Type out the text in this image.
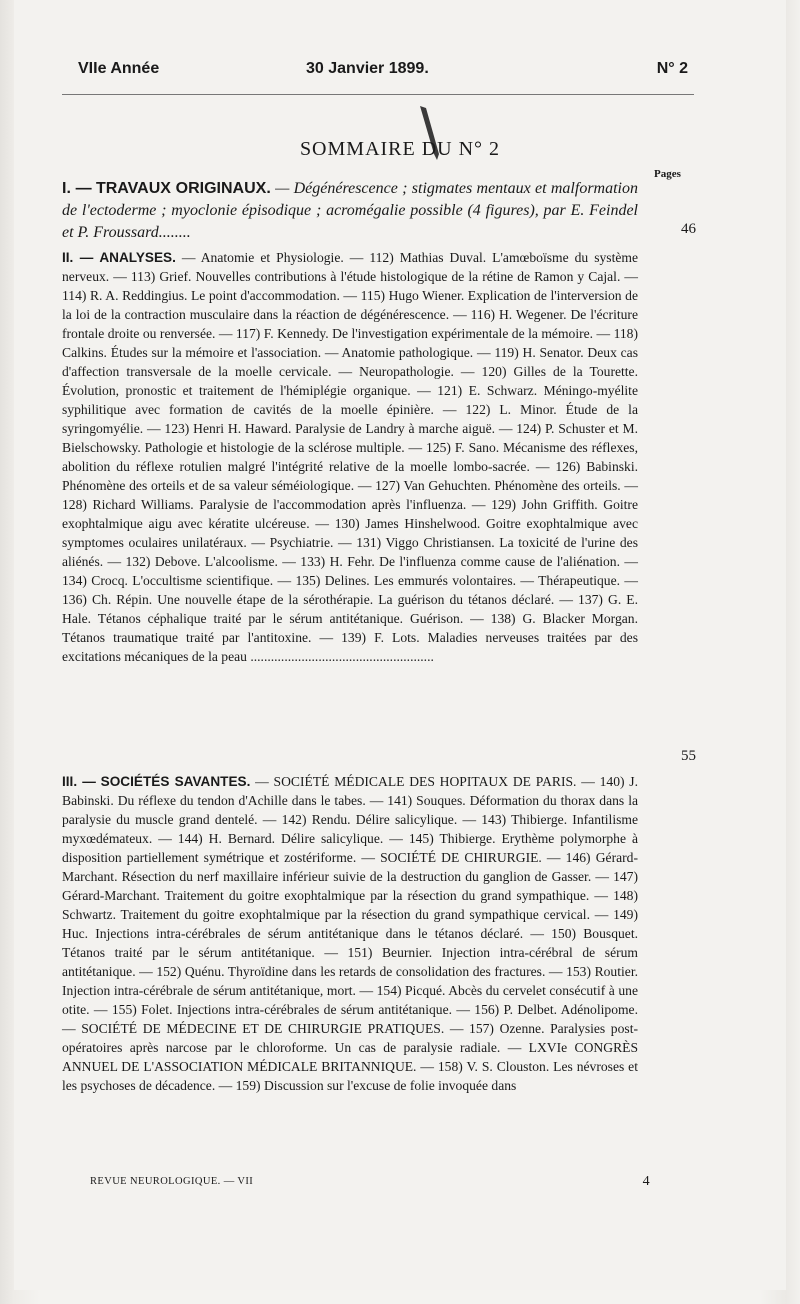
VIIe Année	30 Janvier 1899.	N° 2
SOMMAIRE DU N° 2
Pages
I. — TRAVAUX ORIGINAUX. — Dégénérescence ; stigmates mentaux et malformation de l'ectoderme ; myoclonie épisodique ; acromégalie possible (4 figures), par E. Feindel et P. Froussard........	46
II. — ANALYSES. — Anatomie et Physiologie. — 112) Mathias Duval. L'amœboïsme du système nerveux. — 113) Grief. Nouvelles contributions à l'étude histologique de la rétine de Ramon y Cajal. — 114) R. A. Reddingius. Le point d'accommodation. — 115) Hugo Wiener. Explication de l'interversion de la loi de la contraction musculaire dans la réaction de dégénérescence. — 116) H. Wegener. De l'écriture frontale droite ou renversée. — 117) F. Kennedy. De l'investigation expérimentale de la mémoire. — 118) Calkins. Études sur la mémoire et l'association. — Anatomie pathologique. — 119) H. Senator. Deux cas d'affection transversale de la moelle cervicale. — Neuropathologie. — 120) Gilles de la Tourette. Évolution, pronostic et traitement de l'hémiplégie organique. — 121) E. Schwarz. Méningo-myélite syphilitique avec formation de cavités de la moelle épinière. — 122) L. Minor. Étude de la syringomyélie. — 123) Henri H. Haward. Paralysie de Landry à marche aiguë. — 124) P. Schuster et M. Bielschowsky. Pathologie et histologie de la sclérose multiple. — 125) F. Sano. Mécanisme des réflexes, abolition du réflexe rotulien malgré l'intégrité relative de la moelle lombo-sacrée. — 126) Babinski. Phénomène des orteils et de sa valeur séméiologique. — 127) Van Gehuchten. Phénomène des orteils. — 128) Richard Williams. Paralysie de l'accommodation après l'influenza. — 129) John Griffith. Goitre exophtalmique aigu avec kératite ulcéreuse. — 130) James Hinshelwood. Goitre exophtalmique avec symptomes oculaires unilatéraux. — Psychiatrie. — 131) Viggo Christiansen. La toxicité de l'urine des aliénés. — 132) Debove. L'alcoolisme. — 133) H. Fehr. De l'influenza comme cause de l'aliénation. — 134) Crocq. L'occultisme scientifique. — 135) Delines. Les emmurés volontaires. — Thérapeutique. — 136) Ch. Répin. Une nouvelle étape de la sérothérapie. La guérison du tétanos déclaré. — 137) G. E. Hale. Tétanos céphalique traité par le sérum antitétanique. Guérison. — 138) G. Blacker Morgan. Tétanos traumatique traité par l'antitoxine. — 139) F. Lots. Maladies nerveuses traitées par des excitations mécaniques de la peau ......................................................
55
III. — SOCIÉTÉS SAVANTES. — SOCIÉTÉ MÉDICALE DES HOPITAUX DE PARIS. — 140) J. Babinski. Du réflexe du tendon d'Achille dans le tabes. — 141) Souques. Déformation du thorax dans la paralysie du muscle grand dentelé. — 142) Rendu. Délire salicylique. — 143) Thibierge. Infantilisme myxœdémateux. — 144) H. Bernard. Délire salicylique. — 145) Thibierge. Erythème polymorphe à disposition partiellement symétrique et zostériforme. — SOCIÉTÉ DE CHIRURGIE. — 146) Gérard-Marchant. Résection du nerf maxillaire inférieur suivie de la destruction du ganglion de Gasser. — 147) Gérard-Marchant. Traitement du goitre exophtalmique par la résection du grand sympathique. — 148) Schwartz. Traitement du goitre exophtalmique par la résection du grand sympathique cervical. — 149) Huc. Injections intra-cérébrales de sérum antitétanique dans le tétanos déclaré. — 150) Bousquet. Tétanos traité par le sérum antitétanique. — 151) Beurnier. Injection intra-cérébral de sérum antitétanique. — 152) Quénu. Thyroïdine dans les retards de consolidation des fractures. — 153) Routier. Injection intra-cérébrale de sérum antitétanique, mort. — 154) Picqué. Abcès du cervelet consécutif à une otite. — 155) Folet. Injections intra-cérébrales de sérum antitétanique. — 156) P. Delbet. Adénolipome. — SOCIÉTÉ DE MÉDECINE ET DE CHIRURGIE PRATIQUES. — 157) Ozenne. Paralysies post-opératoires après narcose par le chloroforme. Un cas de paralysie radiale. — LXVIe CONGRÈS ANNUEL DE L'ASSOCIATION MÉDICALE BRITANNIQUE. — 158) V. S. Clouston. Les névroses et les psychoses de décadence. — 159) Discussion sur l'excuse de folie invoquée dans
REVUE NEUROLOGIQUE. — VII	4
